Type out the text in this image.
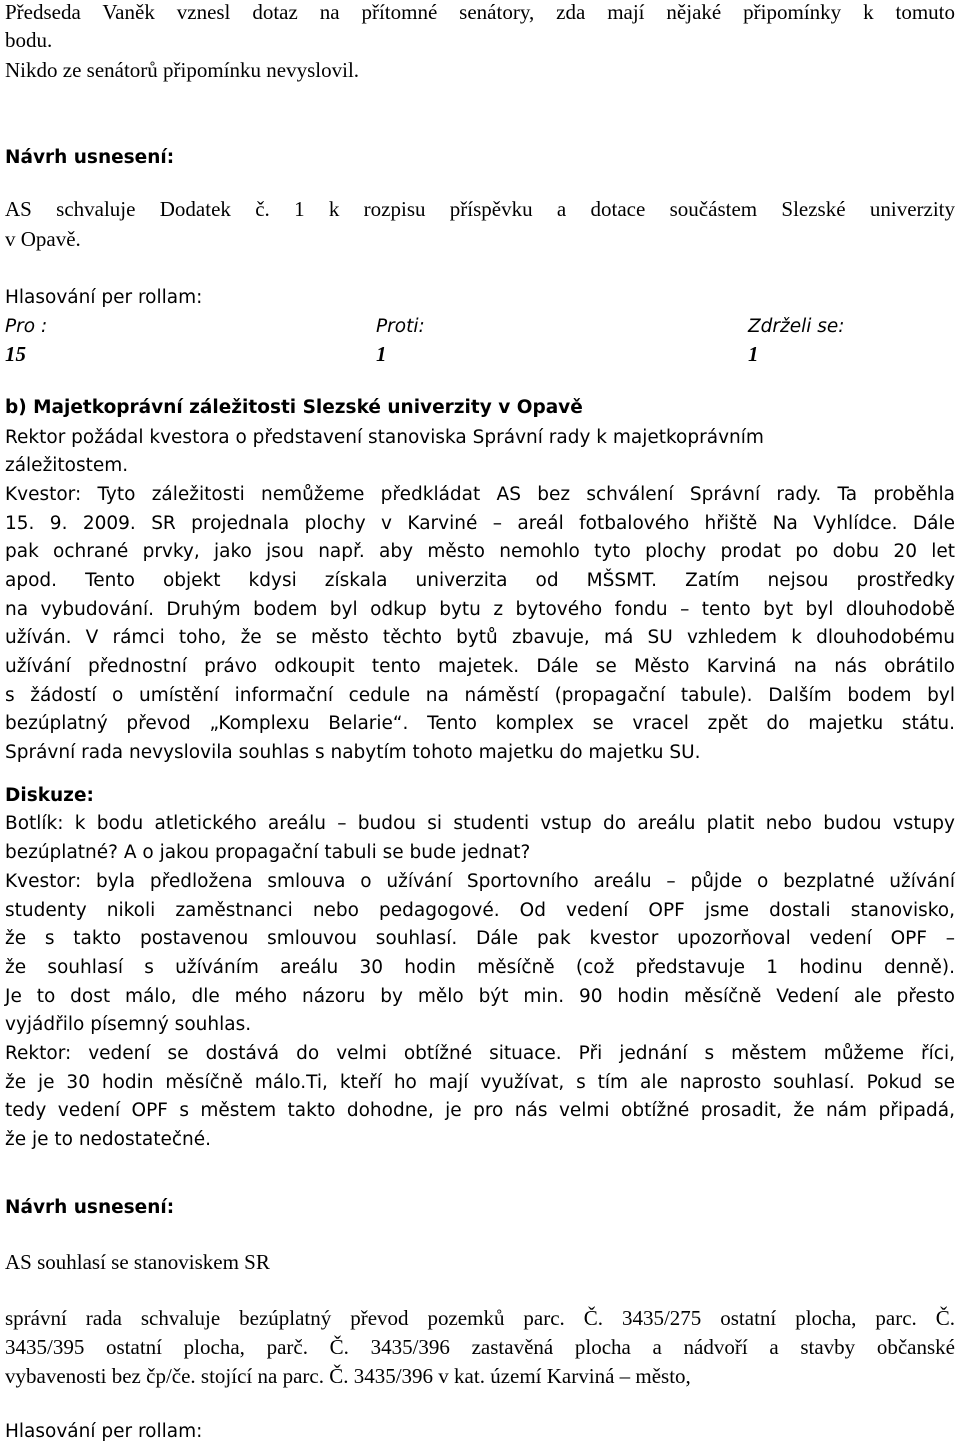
Předseda Vaněk vznesl dotaz na přítomné senátory, zda mají nějaké připomínky k tomuto
bodu.
Nikdo ze senátorů připomínku nevyslovil.
Návrh usnesení:
AS schvaluje Dodatek č. 1 k rozpisu příspěvku a dotace součástem Slezské univerzity
v Opavě.
Hlasování per rollam:
Pro :	Proti:	Zdrželi se:
15	1	1
b) Majetkoprávní záležitosti Slezské univerzity v Opavě
Rektor požádal kvestora o představení stanoviska Správní rady k majetkoprávním
záležitostem.
Kvestor: Tyto záležitosti nemůžeme předkládat AS bez schválení Správní rady. Ta proběhla
15. 9. 2009. SR projednala plochy v Karviné – areál fotbalového hřiště Na Vyhlídce. Dále
pak ochrané prvky, jako jsou např. aby město nemohlo tyto plochy prodat po dobu 20 let
apod. Tento objekt kdysi získala univerzita od MŠSMT. Zatím nejsou prostředky
na vybudování. Druhým bodem byl odkup bytu z bytového fondu – tento byt byl dlouhodobě
užíván. V rámci toho, že se město těchto bytů zbavuje, má SU vzhledem k dlouhodobému
užívání přednostní právo odkoupit tento majetek. Dále se Město Karviná na nás obrátilo
s žádostí o umístění informační cedule na náměstí (propagační tabule). Dalším bodem byl
bezúplatný převod „Komplexu Belarie“. Tento komplex se vracel zpět do majetku státu.
Správní rada nevyslovila souhlas s nabytím tohoto majetku do majetku SU.
Diskuze:
Botlík: k bodu atletického areálu – budou si studenti vstup do areálu platit nebo budou vstupy
bezúplatné? A o jakou propagační tabuli se bude jednat?
Kvestor: byla předložena smlouva o užívání Sportovního areálu – půjde o bezplatné užívání
studenty nikoli zaměstnanci nebo pedagogové. Od vedení OPF jsme dostali stanovisko,
že s takto postavenou smlouvou souhlasí. Dále pak kvestor upozorňoval vedení OPF –
že souhlasí s užíváním areálu 30 hodin měsíčně (což představuje 1 hodinu denně).
Je to dost málo, dle mého názoru by mělo být min. 90 hodin měsíčně Vedení ale přesto
vyjádřilo písemný souhlas.
Rektor: vedení se dostává do velmi obtížné situace. Při jednání s městem můžeme říci,
že je 30 hodin měsíčně málo.Ti, kteří ho mají využívat, s tím ale naprosto souhlasí. Pokud se
tedy vedení OPF s městem takto dohodne, je pro nás velmi obtížné prosadit, že nám připadá,
že je to nedostatečné.
Návrh usnesení:
AS souhlasí se stanoviskem SR
správní rada schvaluje bezúplatný převod pozemků parc. Č. 3435/275 ostatní plocha, parc. Č.
3435/395 ostatní plocha, parč. Č. 3435/396 zastavěná plocha a nádvoří a stavby občanské
vybavenosti bez čp/če. stojící na parc. Č. 3435/396 v kat. území Karviná – město,
Hlasování per rollam:
